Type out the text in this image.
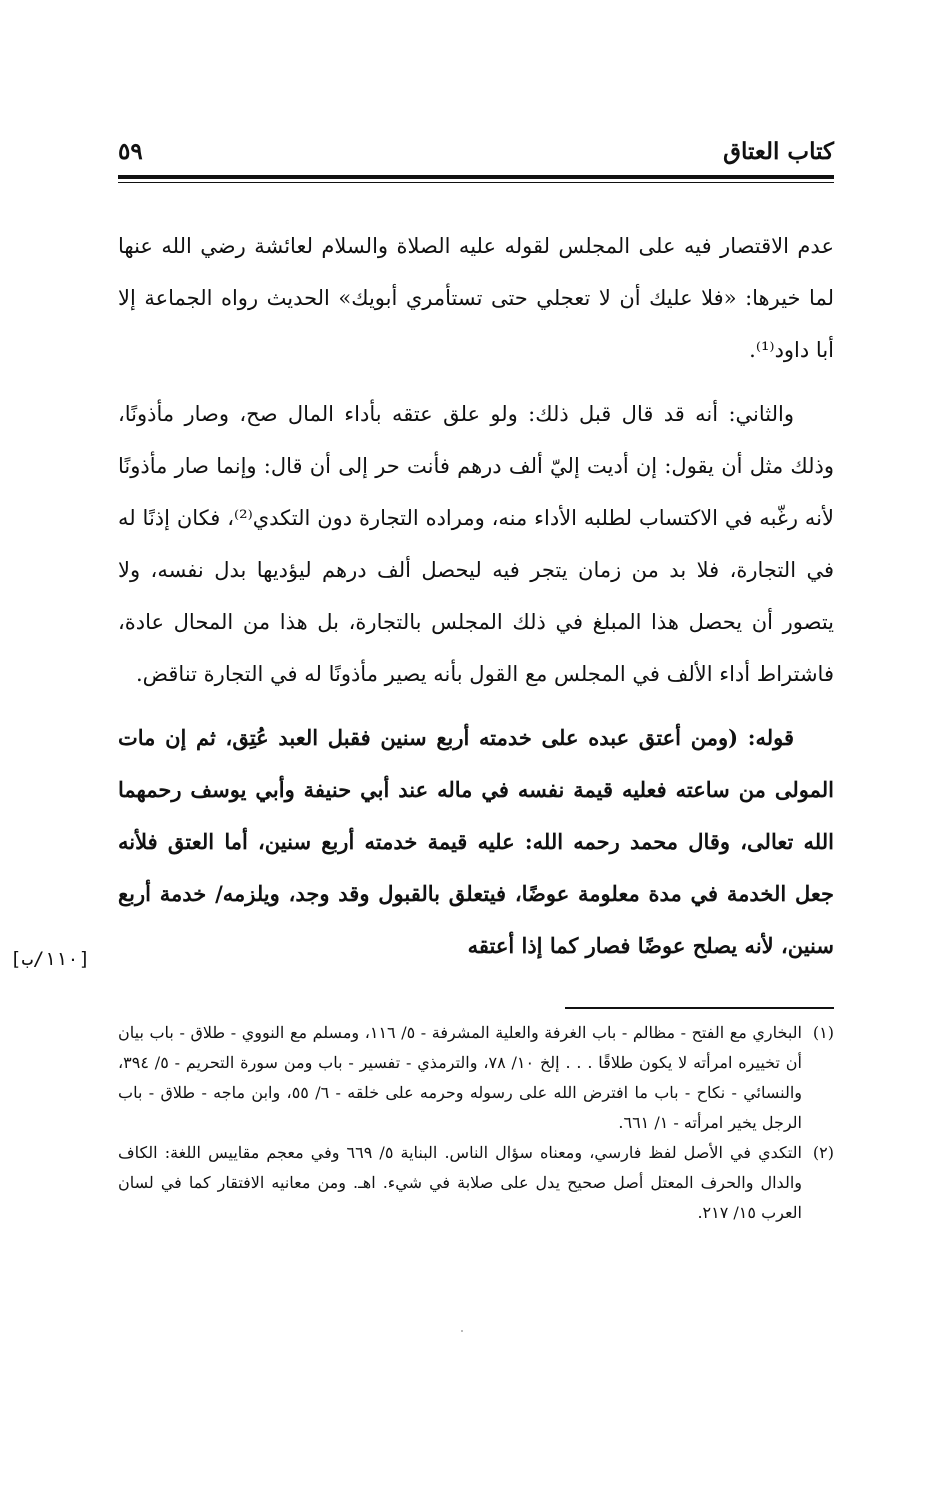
كتاب العتاق
٥٩

عدم الاقتصار فيه على المجلس لقوله عليه الصلاة والسلام لعائشة رضي الله عنها لما خيرها: «فلا عليك أن لا تعجلي حتى تستأمري أبويك» الحديث رواه الجماعة إلا أبا داود⁽¹⁾.

والثاني: أنه قد قال قبل ذلك: ولو علق عتقه بأداء المال صح، وصار مأذونًا، وذلك مثل أن يقول: إن أديت إليّ ألف درهم فأنت حر إلى أن قال: وإنما صار مأذونًا لأنه رغّبه في الاكتساب لطلبه الأداء منه، ومراده التجارة دون التكدي⁽²⁾، فكان إذنًا له في التجارة، فلا بد من زمان يتجر فيه ليحصل ألف درهم ليؤديها بدل نفسه، ولا يتصور أن يحصل هذا المبلغ في ذلك المجلس بالتجارة، بل هذا من المحال عادة، فاشتراط أداء الألف في المجلس مع القول بأنه يصير مأذونًا له في التجارة تناقض.

قوله: (ومن أعتق عبده على خدمته أربع سنين فقبل العبد عُتِق، ثم إن مات المولى من ساعته فعليه قيمة نفسه في ماله عند أبي حنيفة وأبي يوسف رحمهما الله تعالى، وقال محمد رحمه الله: عليه قيمة خدمته أربع سنين، أما العتق فلأنه جعل الخدمة في مدة معلومة عوضًا، فيتعلق بالقبول وقد وجد، ويلزمه/ خدمة أربع سنين، لأنه يصلح عوضًا فصار كما إذا أعتقه

[١١٠/ب]
(١)
البخاري مع الفتح - مظالم - باب الغرفة والعلية المشرفة - ٥/ ١١٦، ومسلم مع النووي - طلاق - باب بيان أن تخييره امرأته لا يكون طلاقًا . . . إلخ ١٠/ ٧٨، والترمذي - تفسير - باب ومن سورة التحريم - ٥/ ٣٩٤، والنسائي - نكاح - باب ما افترض الله على رسوله وحرمه على خلقه - ٦/ ٥٥، وابن ماجه - طلاق - باب الرجل يخير امرأته - ١/ ٦٦١.
(٢)
التكدي في الأصل لفظ فارسي، ومعناه سؤال الناس. البناية ٥/ ٦٦٩ وفي معجم مقاييس اللغة: الكاف والدال والحرف المعتل أصل صحيح يدل على صلابة في شيء. اهـ. ومن معانيه الافتقار كما في لسان العرب ١٥/ ٢١٧.
